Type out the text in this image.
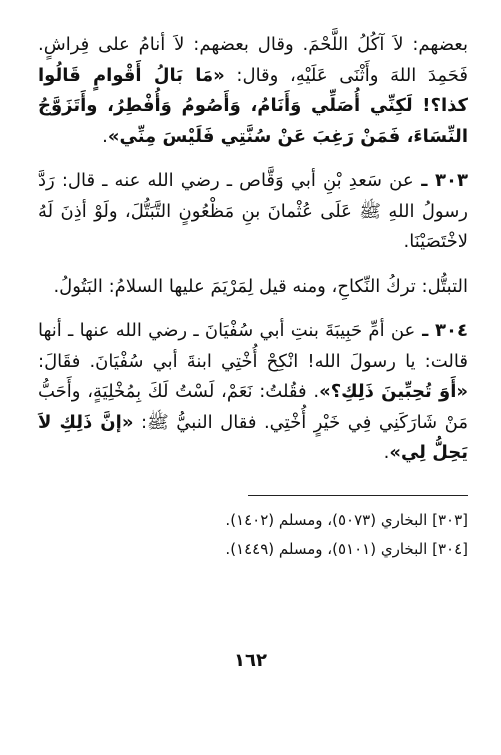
بعضهم: لاَ آكُلُ اللَّحْمَ. وقال بعضهم: لاَ أنامُ على فِراشٍ. فَحَمِدَ اللهَ وأَثْنَى عَلَيْهِ، وقال: «مَا بَالُ أَقْوامٍ قَالُوا كذا؟! لَكِنِّي أُصَلِّي وَأَنَامُ، وَأَصُومُ وَأُفْطِرُ، وأَتَزَوَّجُ النِّسَاءَ، فَمَنْ رَغِبَ عَنْ سُنَّتِي فَلَيْسَ مِنِّي».

٣٠٣ ـ عن سَعدِ بْنِ أبي وَقَّاص ـ رضي الله عنه ـ قال: رَدَّ رسولُ اللهِ ﷺ عَلَى عُثْمانَ بنِ مَظْعُونٍ التَّبَتُّلَ، ولَوْ أذِنَ لَهُ لاخْتَصَيْنَا.

التبتُّل: تركُ النِّكاحِ، ومنه قيل لِمَرْيَمَ عليها السلامُ: البَتُولُ.

٣٠٤ ـ عن أمِّ حَبِيبَةَ بنتِ أبي سُفْيَانَ ـ رضي الله عنها ـ أنها قالت: يا رسولَ الله! انْكِحْ أُخْتِي ابنةَ أبي سُفْيَانَ. فقَالَ: «أَوَ تُحِبِّينَ ذَلِكِ؟». فقُلتُ: نَعَمْ، لَسْتُ لَكَ بِمُخْلِيَةٍ، وأَحَبُّ مَنْ شَارَكَنِي فِي خَيْرٍ أُخْتِي. فقال النبيُّ ﷺ: «إنَّ ذَلِكِ لاَ يَحِلُّ لِي».

[٣٠٣] البخاري (٥٠٧٣)، ومسلم (١٤٠٢).

[٣٠٤] البخاري (٥١٠١)، ومسلم (١٤٤٩).

١٦٢
